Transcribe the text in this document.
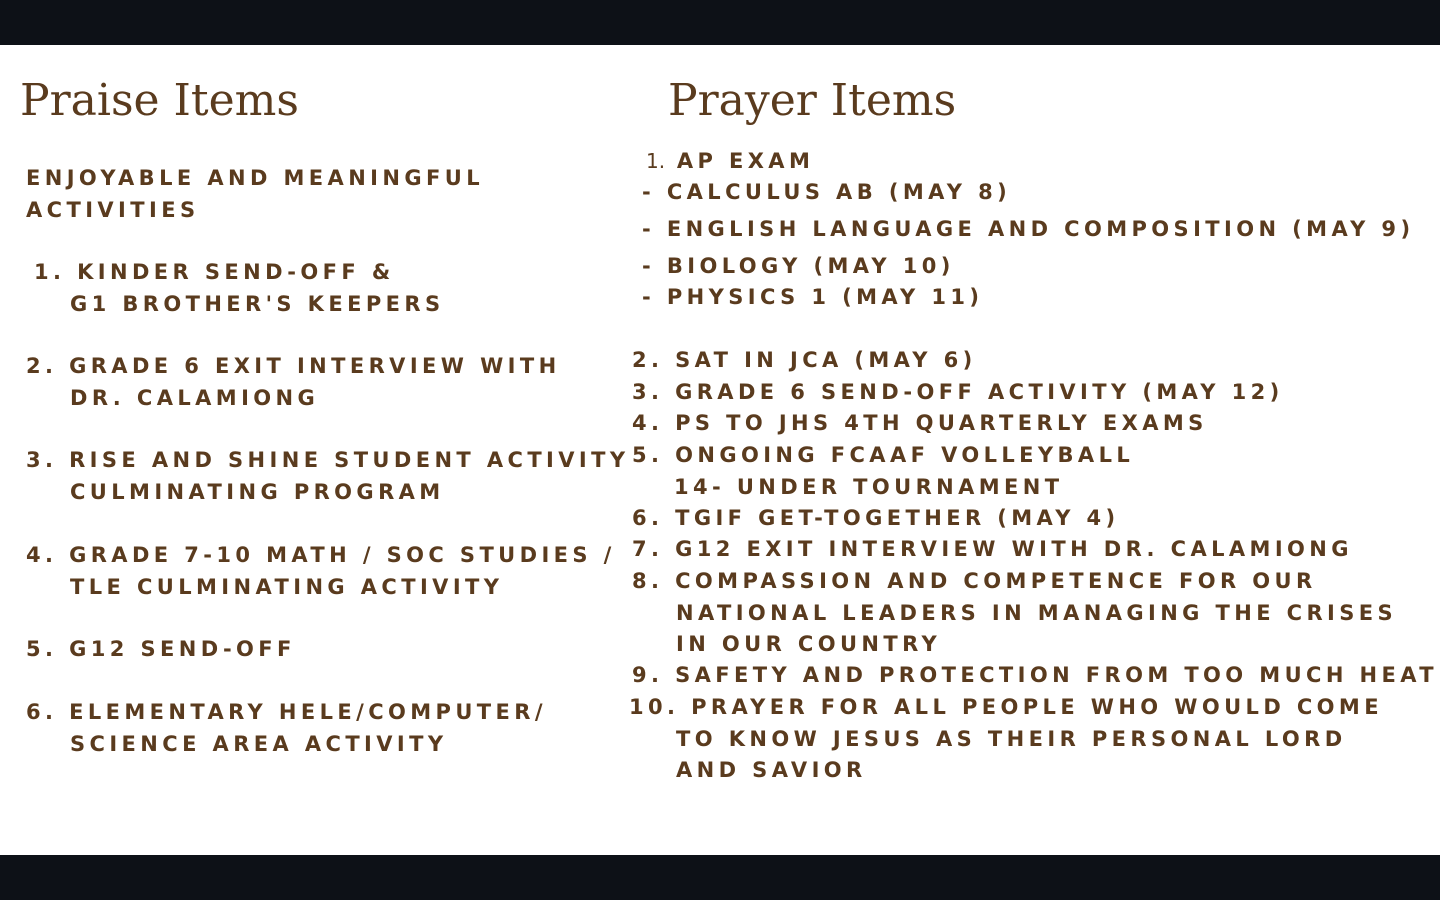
Praise Items
ENJOYABLE AND MEANINGFUL
ACTIVITIES
1. KINDER SEND-OFF &
G1 BROTHER'S KEEPERS
2. GRADE 6 EXIT INTERVIEW WITH
DR. CALAMIONG
3. RISE AND SHINE STUDENT ACTIVITY
CULMINATING PROGRAM
4. GRADE 7-10 MATH / SOC STUDIES /
TLE CULMINATING ACTIVITY
5. G12 SEND-OFF
6. ELEMENTARY HELE/COMPUTER/
SCIENCE AREA ACTIVITY
Prayer Items
1. AP EXAM
- CALCULUS AB (MAY 8)
- ENGLISH LANGUAGE AND COMPOSITION (MAY 9)
- BIOLOGY (MAY 10)
- PHYSICS 1 (MAY 11)
2. SAT IN JCA (MAY 6)
3. GRADE 6 SEND-OFF ACTIVITY (MAY 12)
4. PS TO JHS 4TH QUARTERLY EXAMS
5. ONGOING FCAAF VOLLEYBALL
14- UNDER TOURNAMENT
6. TGIF GET-TOGETHER (MAY 4)
7. G12 EXIT INTERVIEW WITH DR. CALAMIONG
8. COMPASSION AND COMPETENCE FOR OUR
NATIONAL LEADERS IN MANAGING THE CRISES
IN OUR COUNTRY
9. SAFETY AND PROTECTION FROM TOO MUCH HEAT
10. PRAYER FOR ALL PEOPLE WHO WOULD COME
TO KNOW JESUS AS THEIR PERSONAL LORD
AND SAVIOR
